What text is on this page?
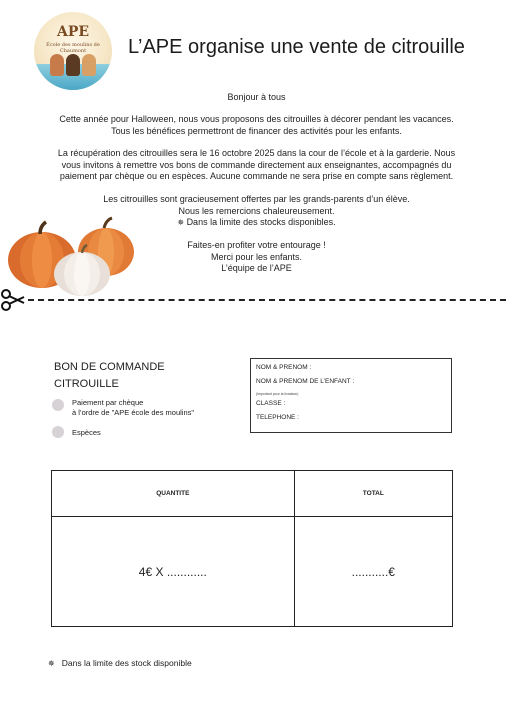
APE
École des moulins de Chaumont	L’APE organise une vente de citrouille
Bonjour à tous
Cette année pour Halloween, nous vous proposons des citrouilles à décorer pendant les vacances.
Tous les bénéfices permettront de financer des activités pour les enfants.
La récupération des citrouilles sera le 16 octobre 2025 dans la cour de l’école et à la garderie. Nous
vous invitons à remettre vos bons de commande directement aux enseignantes, accompagnés du
paiement par chèque ou en espèces. Aucune commande ne sera prise en compte sans règlement.
Les citrouilles sont gracieusement offertes par les grands-parents d’un élève.
Nous les remercions chaleureusement.
✵ Dans la limite des stocks disponibles.
Faites-en profiter votre entourage !
Merci pour les enfants.
L’équipe de l’APE
BON DE COMMANDE
CITROUILLE
Paiement par chèque
à l’ordre de "APE école des moulins"
Espèces
NOM & PRENOM :
NOM & PRENOM DE L’ENFANT :
(important pour la livraison)
CLASSE :
TELEPHONE :
QUANTITE	TOTAL
4€ X ............	...........€
✵ Dans la limite des stock disponible
